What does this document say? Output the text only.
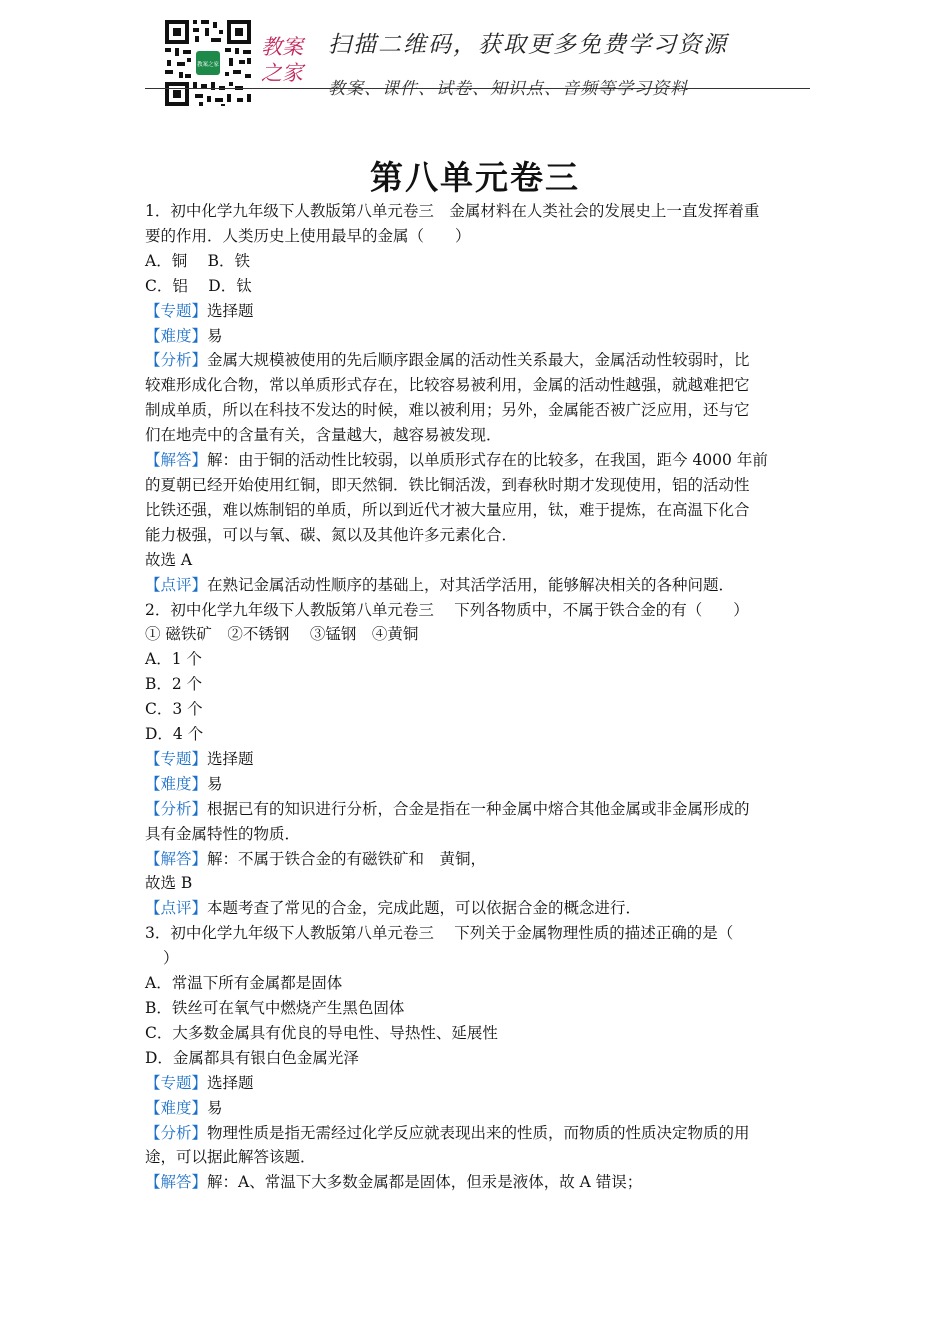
教案之家
教案
之家
扫描二维码，获取更多免费学习资源
教案、课件、试卷、知识点、音频等学习资料
第八单元卷三
1．初中化学九年级下人教版第八单元卷三　金属材料在人类社会的发展史上一直发挥着重
要的作用．人类历史上使用最早的金属（　　）
A．铜　 B．铁
C．铝　 D．钛
【专题】选择题
【难度】易
【分析】金属大规模被使用的先后顺序跟金属的活动性关系最大，金属活动性较弱时，比
较难形成化合物，常以单质形式存在，比较容易被利用，金属的活动性越强，就越难把它
制成单质，所以在科技不发达的时候，难以被利用；另外，金属能否被广泛应用，还与它
们在地壳中的含量有关，含量越大，越容易被发现．
【解答】解：由于铜的活动性比较弱，以单质形式存在的比较多，在我国，距今 4000 年前
的夏朝已经开始使用红铜，即天然铜．铁比铜活泼，到春秋时期才发现使用，铝的活动性
比铁还强，难以炼制铝的单质，所以到近代才被大量应用，钛，难于提炼，在高温下化合
能力极强，可以与氧、碳、氮以及其他许多元素化合．
故选 A
【点评】在熟记金属活动性顺序的基础上，对其活学活用，能够解决相关的各种问题．
2．初中化学九年级下人教版第八单元卷三　 下列各物质中，不属于铁合金的有（　　）
① 磁铁矿　②不锈钢　 ③锰钢　④黄铜
A．1 个
B．2 个
C．3 个
D．4 个
【专题】选择题
【难度】易
【分析】根据已有的知识进行分析，合金是指在一种金属中熔合其他金属或非金属形成的
具有金属特性的物质．
【解答】解：不属于铁合金的有磁铁矿和　黄铜，
故选 B
【点评】本题考查了常见的合金，完成此题，可以依据合金的概念进行．
3．初中化学九年级下人教版第八单元卷三　 下列关于金属物理性质的描述正确的是（
）
A．常温下所有金属都是固体
B．铁丝可在氧气中燃烧产生黑色固体
C．大多数金属具有优良的导电性、导热性、延展性
D．金属都具有银白色金属光泽
【专题】选择题
【难度】易
【分析】物理性质是指无需经过化学反应就表现出来的性质，而物质的性质决定物质的用
途，可以据此解答该题．
【解答】解：A、常温下大多数金属都是固体，但汞是液体，故 A 错误；
